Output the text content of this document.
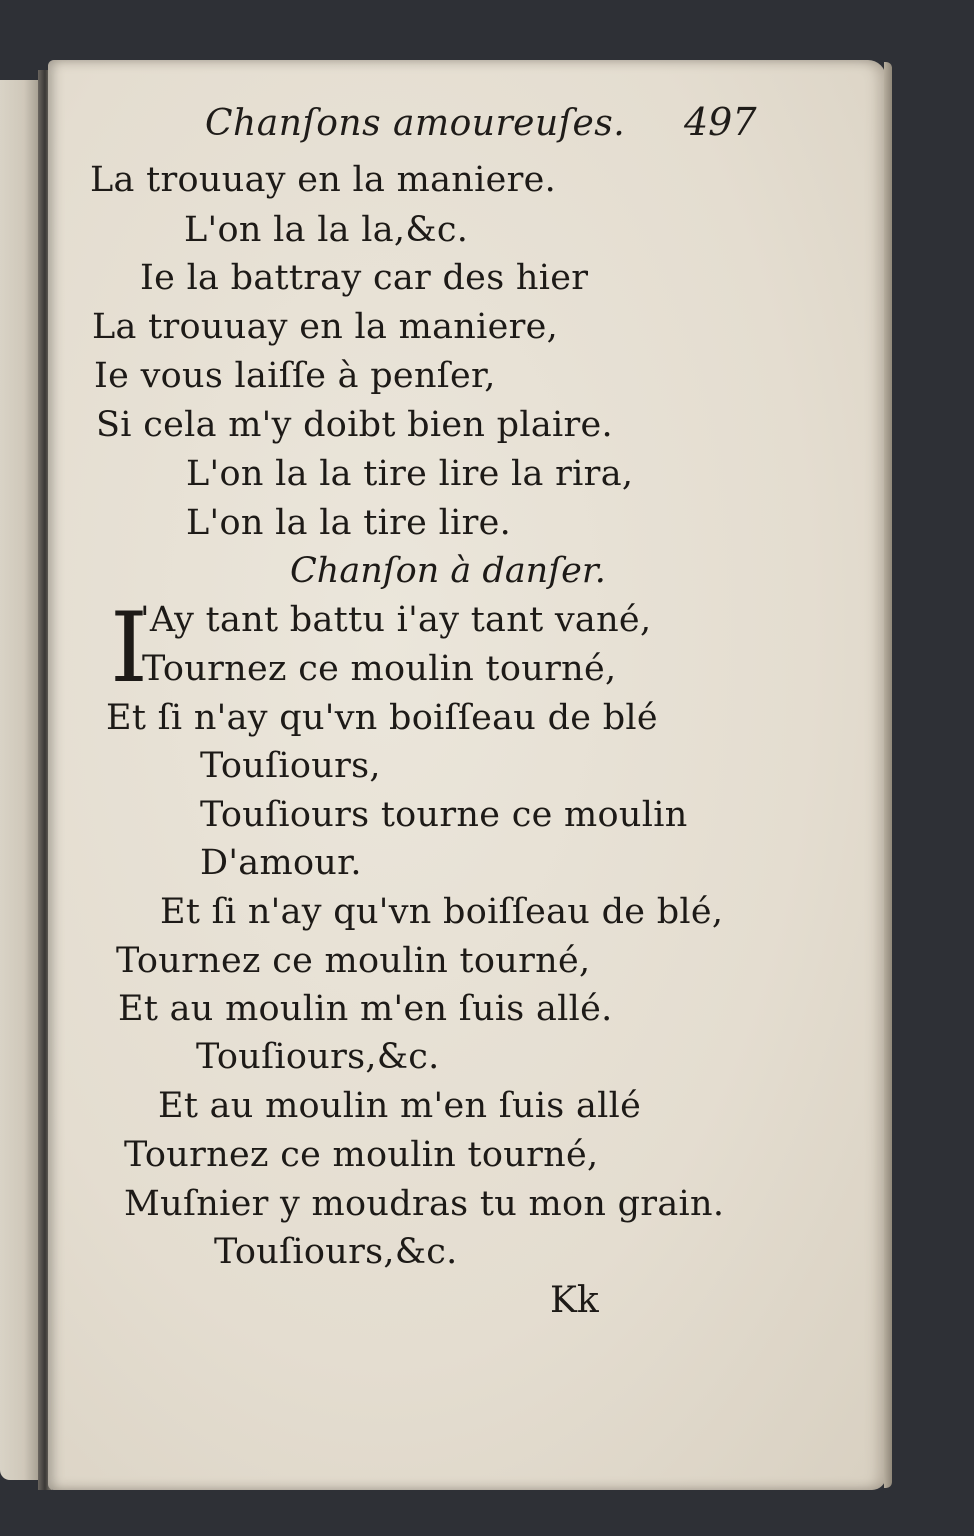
Chanſons amoureuſes. 497
La trouuay en la maniere.
L'on la la la,&c.
Ie la battray car des hier
La trouuay en la maniere,
Ie vous laiſſe à penſer,
Si cela m'y doibt bien plaire.
L'on la la tire lire la rira,
L'on la la tire lire.
Chanſon à danſer.
I
'Ay tant battu i'ay tant vané,
Tournez ce moulin tourné,
Et ſi n'ay qu'vn boiſſeau de blé
Touſiours,
Touſiours tourne ce moulin
D'amour.
Et ſi n'ay qu'vn boiſſeau de blé,
Tournez ce moulin tourné,
Et au moulin m'en ſuis allé.
Touſiours,&c.
Et au moulin m'en ſuis allé
Tournez ce moulin tourné,
Muſnier y moudras tu mon grain.
Touſiours,&c.
Kk
